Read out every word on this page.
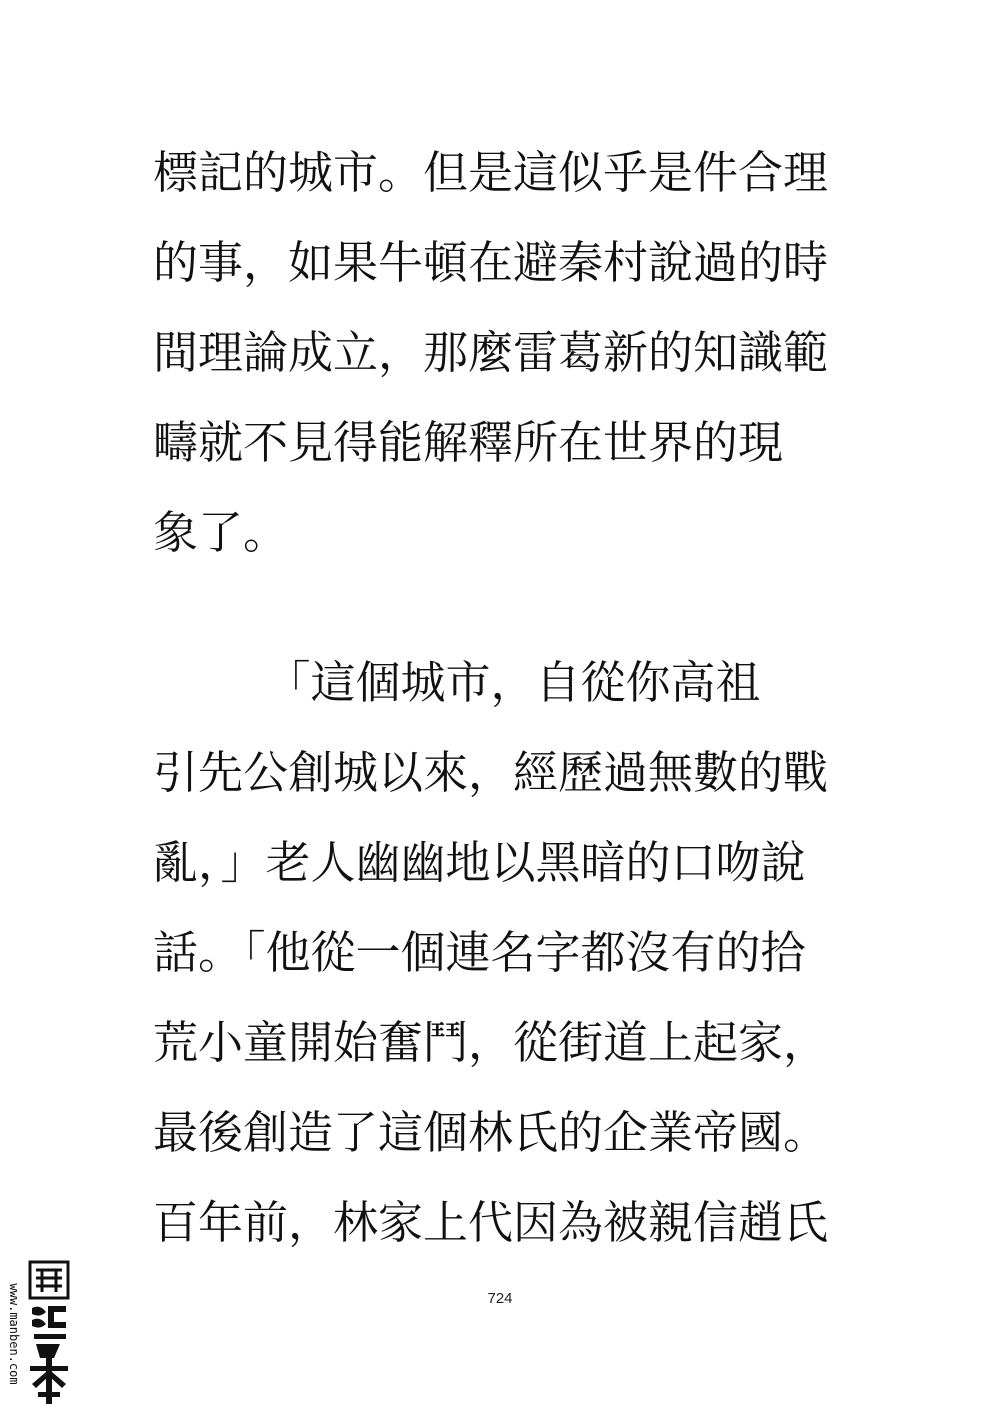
標記的城市。但是這似乎是件合理
的事，如果牛頓在避秦村說過的時
間理論成立，那麼雷葛新的知識範
疇就不見得能解釋所在世界的現
象了。
　　　「這個城市，自從你高祖
引先公創城以來，經歷過無數的戰
亂，」老人幽幽地以黑暗的口吻說
話。「他從一個連名字都沒有的拾
荒小童開始奮鬥，從街道上起家，
最後創造了這個林氏的企業帝國。
百年前，林家上代因為被親信趙氏
724
www.manben.com
